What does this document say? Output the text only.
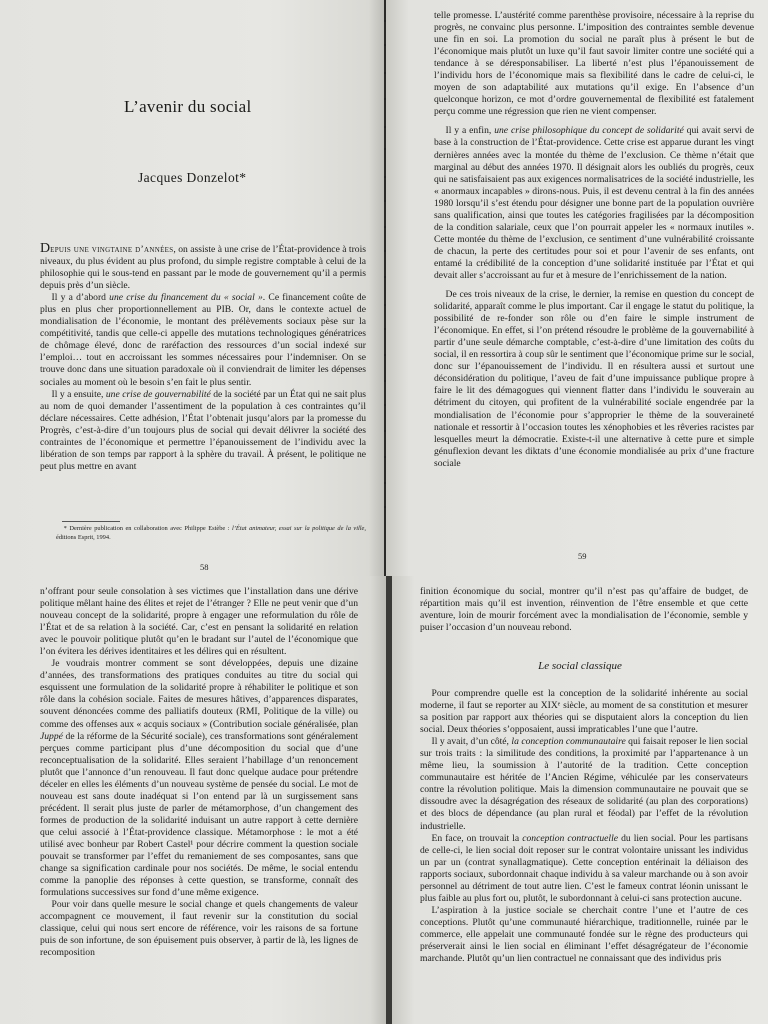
L’avenir du social
Jacques Donzelot*

Depuis une vingtaine d’années, on assiste à une crise de l’État-providence à trois niveaux, du plus évident au plus profond, du simple registre comptable à celui de la philosophie qui le sous-tend en passant par le mode de gouvernement qu’il a permis depuis près d’un siècle.

Il y a d’abord une crise du financement du « social ». Ce financement coûte de plus en plus cher proportionnellement au PIB. Or, dans le contexte actuel de mondialisation de l’économie, le montant des prélèvements sociaux pèse sur la compétitivité, tandis que celle-ci appelle des mutations technologiques génératrices de chômage élevé, donc de raréfaction des ressources d’un social indexé sur l’emploi… tout en accroissant les sommes nécessaires pour l’indemniser. On se trouve donc dans une situation paradoxale où il conviendrait de limiter les dépenses sociales au moment où le besoin s’en fait le plus sentir.

Il y a ensuite, une crise de gouvernabilité de la société par un État qui ne sait plus au nom de quoi demander l’assentiment de la population à ces contraintes qu’il déclare nécessaires. Cette adhésion, l’État l’obtenait jusqu’alors par la promesse du Progrès, c’est-à-dire d’un toujours plus de social qui devait délivrer la société des contraintes de l’économique et permettre l’épanouissement de l’individu avec la libération de son temps par rapport à la sphère du travail. À présent, le politique ne peut plus mettre en avant

* Dernière publication en collaboration avec Philippe Estèbe : l’État animateur, essai sur la politique de la ville, éditions Esprit, 1994.
58

telle promesse. L’austérité comme parenthèse provisoire, nécessaire à la reprise du progrès, ne convainc plus personne. L’imposition des contraintes semble devenue une fin en soi. La promotion du social ne paraît plus à présent le but de l’économique mais plutôt un luxe qu’il faut savoir limiter contre une société qui a tendance à se déresponsabiliser. La liberté n’est plus l’épanouissement de l’individu hors de l’économique mais sa flexibilité dans le cadre de celui-ci, le moyen de son adaptabilité aux mutations qu’il exige. En l’absence d’un quelconque horizon, ce mot d’ordre gouvernemental de flexibilité est fatalement perçu comme une régression que rien ne vient compenser.

Il y a enfin, une crise philosophique du concept de solidarité qui avait servi de base à la construction de l’État-providence. Cette crise est apparue durant les vingt dernières années avec la montée du thème de l’exclusion. Ce thème n’était que marginal au début des années 1970. Il désignait alors les oubliés du progrès, ceux qui ne satisfaisaient pas aux exigences normalisatrices de la société industrielle, les « anormaux incapables » dirons-nous. Puis, il est devenu central à la fin des années 1980 lorsqu’il s’est étendu pour désigner une bonne part de la population ouvrière sans qualification, ainsi que toutes les catégories fragilisées par la décomposition de la condition salariale, ceux que l’on pourrait appeler les « normaux inutiles ». Cette montée du thème de l’exclusion, ce sentiment d’une vulnérabilité croissante de chacun, la perte des certitudes pour soi et pour l’avenir de ses enfants, ont entamé la crédibilité de la conception d’une solidarité instituée par l’État et qui devait aller s’accroissant au fur et à mesure de l’enrichissement de la nation.

De ces trois niveaux de la crise, le dernier, la remise en question du concept de solidarité, apparaît comme le plus important. Car il engage le statut du politique, la possibilité de re-fonder son rôle ou d’en faire le simple instrument de l’économique. En effet, si l’on prétend résoudre le problème de la gouvernabilité à partir d’une seule démarche comptable, c’est-à-dire d’une limitation des coûts du social, il en ressortira à coup sûr le sentiment que l’économique prime sur le social, donc sur l’épanouissement de l’individu. Il en résultera aussi et surtout une déconsidération du politique, l’aveu de fait d’une impuissance publique propre à faire le lit des démagogues qui viennent flatter dans l’individu le souverain au détriment du citoyen, qui profitent de la vulnérabilité sociale engendrée par la mondialisation de l’économie pour s’approprier le thème de la souveraineté nationale et ressortir à l’occasion toutes les xénophobies et les rêveries racistes par lesquelles meurt la démocratie. Existe-t-il une alternative à cette pure et simple génuflexion devant les diktats d’une économie mondialisée au prix d’une fracture sociale

59

n’offrant pour seule consolation à ses victimes que l’installation dans une dérive politique mêlant haine des élites et rejet de l’étranger ? Elle ne peut venir que d’un nouveau concept de la solidarité, propre à engager une reformulation du rôle de l’État et de sa relation à la société. Car, c’est en pensant la solidarité en relation avec le pouvoir politique plutôt qu’en le bradant sur l’autel de l’économique que l’on évitera les dérives identitaires et les délires qui en résultent.

Je voudrais montrer comment se sont développées, depuis une dizaine d’années, des transformations des pratiques conduites au titre du social qui esquissent une formulation de la solidarité propre à réhabiliter le politique et son rôle dans la cohésion sociale. Faites de mesures hâtives, d’apparences disparates, souvent dénoncées comme des palliatifs douteux (RMI, Politique de la ville) ou comme des offenses aux « acquis sociaux » (Contribution sociale généralisée, plan Juppé de la réforme de la Sécurité sociale), ces transformations sont généralement perçues comme participant plus d’une décomposition du social que d’une reconceptualisation de la solidarité. Elles seraient l’habillage d’un renoncement plutôt que l’annonce d’un renouveau. Il faut donc quelque audace pour prétendre déceler en elles les éléments d’un nouveau système de pensée du social. Le mot de nouveau est sans doute inadéquat si l’on entend par là un surgissement sans précédent. Il serait plus juste de parler de métamorphose, d’un changement des formes de production de la solidarité induisant un autre rapport à cette dernière que celui associé à l’État-providence classique. Métamorphose : le mot a été utilisé avec bonheur par Robert Castel¹ pour décrire comment la question sociale pouvait se transformer par l’effet du remaniement de ses composantes, sans que change sa signification cardinale pour nos sociétés. De même, le social entendu comme la panoplie des réponses à cette question, se transforme, connaît des formulations successives sur fond d’une même exigence.

Pour voir dans quelle mesure le social change et quels changements de valeur accompagnent ce mouvement, il faut revenir sur la constitution du social classique, celui qui nous sert encore de référence, voir les raisons de sa fortune puis de son infortune, de son épuisement puis observer, à partir de là, les lignes de recomposition

finition économique du social, montrer qu’il n’est pas qu’affaire de budget, de répartition mais qu’il est invention, réinvention de l’être ensemble et que cette aventure, loin de mourir forcément avec la mondialisation de l’économie, semble y puiser l’occasion d’un nouveau rebond.

Le social classique

Pour comprendre quelle est la conception de la solidarité inhérente au social moderne, il faut se reporter au XIXᵉ siècle, au moment de sa constitution et mesurer sa position par rapport aux théories qui se disputaient alors la conception du lien social. Deux théories s’opposaient, aussi impraticables l’une que l’autre.

Il y avait, d’un côté, la conception communautaire qui faisait reposer le lien social sur trois traits : la similitude des conditions, la proximité par l’appartenance à un même lieu, la soumission à l’autorité de la tradition. Cette conception communautaire est héritée de l’Ancien Régime, véhiculée par les conservateurs contre la révolution politique. Mais la dimension communautaire ne pouvait que se dissoudre avec la désagrégation des réseaux de solidarité (au plan des corporations) et des blocs de dépendance (au plan rural et féodal) par l’effet de la révolution industrielle.

En face, on trouvait la conception contractuelle du lien social. Pour les partisans de celle-ci, le lien social doit reposer sur le contrat volontaire unissant les individus un par un (contrat synallagmatique). Cette conception entérinait la déliaison des rapports sociaux, subordonnait chaque individu à sa valeur marchande ou à son avoir personnel au détriment de tout autre lien. C’est le fameux contrat léonin unissant le plus faible au plus fort ou, plutôt, le subordonnant à celui-ci sans protection aucune.

L’aspiration à la justice sociale se cherchait contre l’une et l’autre de ces conceptions. Plutôt qu’une communauté hiérarchique, traditionnelle, ruinée par le commerce, elle appelait une communauté fondée sur le règne des producteurs qui préserverait ainsi le lien social en éliminant l’effet désagrégateur de l’économie marchande. Plutôt qu’un lien contractuel ne connaissant que des individus pris
